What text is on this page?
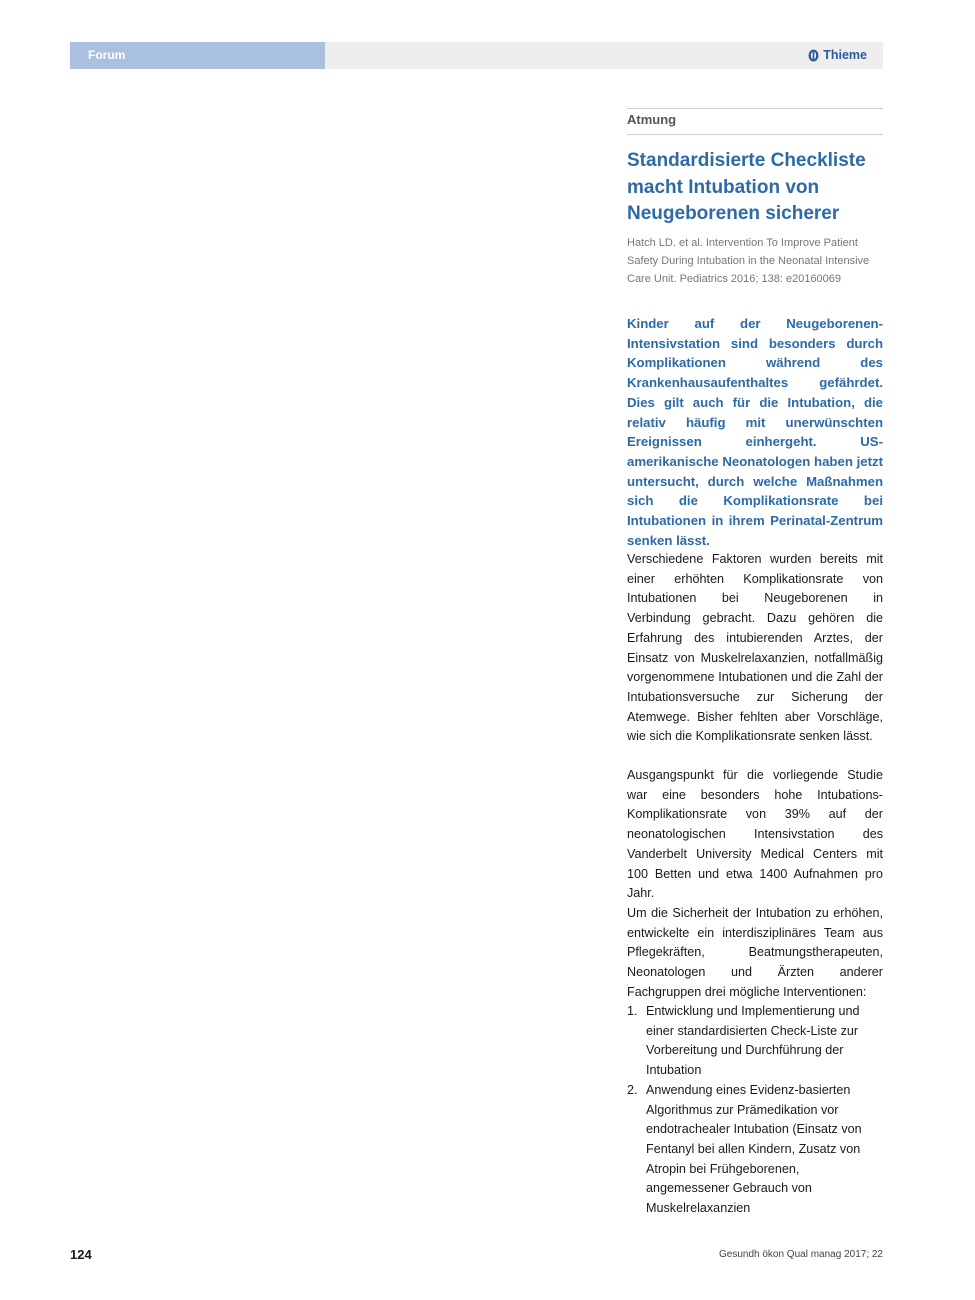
Forum	Thieme
Atmung
Standardisierte Checkliste macht Intubation von Neugeborenen sicherer
Hatch LD. et al. Intervention To Improve Patient Safety During Intubation in the Neonatal Intensive Care Unit. Pediatrics 2016; 138: e20160069
Kinder auf der Neugeborenen-Intensivstation sind besonders durch Komplikationen während des Krankenhausaufenthaltes gefährdet. Dies gilt auch für die Intubation, die relativ häufig mit unerwünschten Ereignissen einhergeht. US-amerikanische Neonatologen haben jetzt untersucht, durch welche Maßnahmen sich die Komplikationsrate bei Intubationen in ihrem Perinatal-Zentrum senken lässt.
Verschiedene Faktoren wurden bereits mit einer erhöhten Komplikationsrate von Intubationen bei Neugeborenen in Verbindung gebracht. Dazu gehören die Erfahrung des intubierenden Arztes, der Einsatz von Muskelrelaxanzien, notfallmäßig vorgenommene Intubationen und die Zahl der Intubationsversuche zur Sicherung der Atemwege. Bisher fehlten aber Vorschläge, wie sich die Komplikationsrate senken lässt.
Ausgangspunkt für die vorliegende Studie war eine besonders hohe Intubations-Komplikationsrate von 39% auf der neonatologischen Intensivstation des Vanderbelt University Medical Centers mit 100 Betten und etwa 1400 Aufnahmen pro Jahr.
Um die Sicherheit der Intubation zu erhöhen, entwickelte ein interdisziplinäres Team aus Pflegekräften, Beatmungstherapeuten, Neonatologen und Ärzten anderer Fachgruppen drei mögliche Interventionen:
1. Entwicklung und Implementierung und einer standardisierten Check-Liste zur Vorbereitung und Durchführung der Intubation
2. Anwendung eines Evidenz-basierten Algorithmus zur Prämedikation vor endotrachealer Intubation (Einsatz von Fentanyl bei allen Kindern, Zusatz von Atropin bei Frühgeborenen, angemessener Gebrauch von Muskelrelaxanzien
124	Gesundh ökon Qual manag 2017; 22
